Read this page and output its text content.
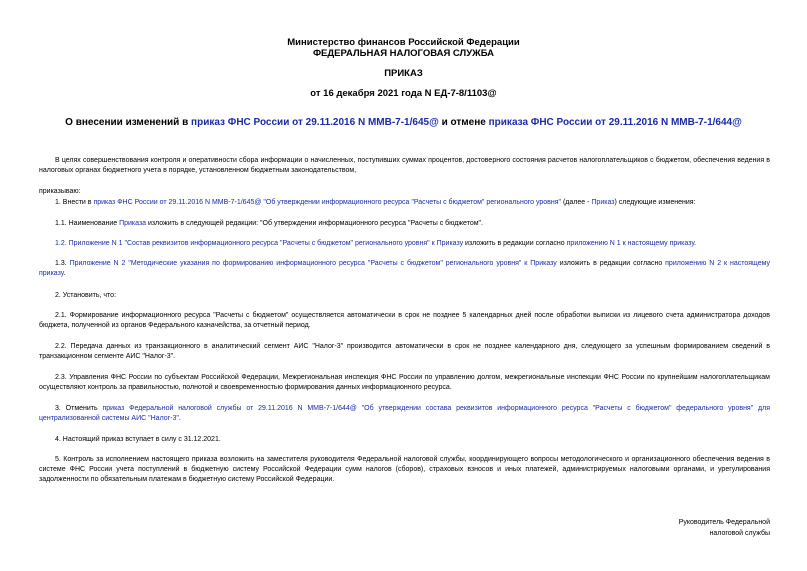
Министерство финансов Российской Федерации
ФЕДЕРАЛЬНАЯ НАЛОГОВАЯ СЛУЖБА
ПРИКАЗ
от 16 декабря 2021 года N ЕД-7-8/1103@
О внесении изменений в приказ ФНС России от 29.11.2016 N ММВ-7-1/645@ и отмене приказа ФНС России от 29.11.2016 N ММВ-7-1/644@

В целях совершенствования контроля и оперативности сбора информации о начисленных, поступивших суммах процентов, достоверного состояния расчетов налогоплательщиков с бюджетом, обеспечения ведения в налоговых органах бюджетного учета в порядке, установленном бюджетным законодательством,

приказываю:

1. Внести в приказ ФНС России от 29.11.2016 N ММВ-7-1/645@ "Об утверждении информационного ресурса "Расчеты с бюджетом" регионального уровня" (далее - Приказ) следующие изменения:

1.1. Наименование Приказа изложить в следующей редакции: "Об утверждении информационного ресурса "Расчеты с бюджетом".

1.2. Приложение N 1 "Состав реквизитов информационного ресурса "Расчеты с бюджетом" регионального уровня" к Приказу изложить в редакции согласно приложению N 1 к настоящему приказу.

1.3. Приложение N 2 "Методические указания по формированию информационного ресурса "Расчеты с бюджетом" регионального уровня" к Приказу изложить в редакции согласно приложению N 2 к настоящему приказу.

2. Установить, что:

2.1. Формирование информационного ресурса "Расчеты с бюджетом" осуществляется автоматически в срок не позднее 5 календарных дней после обработки выписки из лицевого счета администратора доходов бюджета, полученной из органов Федерального казначейства, за отчетный период.

2.2. Передача данных из транзакционного в аналитический сегмент АИС "Налог-3" производится автоматически в срок не позднее календарного дня, следующего за успешным формированием сведений в транзакционном сегменте АИС "Налог-3".

2.3. Управления ФНС России по субъектам Российской Федерации, Межрегиональная инспекция ФНС России по управлению долгом, межрегиональные инспекции ФНС России по крупнейшим налогоплательщикам осуществляют контроль за правильностью, полнотой и своевременностью формирования данных информационного ресурса.

3. Отменить приказ Федеральной налоговой службы от 29.11.2016 N ММВ-7-1/644@ "Об утверждении состава реквизитов информационного ресурса "Расчеты с бюджетом" федерального уровня" для централизованной системы АИС "Налог-3".

4. Настоящий приказ вступает в силу с 31.12.2021.

5. Контроль за исполнением настоящего приказа возложить на заместителя руководителя Федеральной налоговой службы, координирующего вопросы методологического и организационного обеспечения ведения в системе ФНС России учета поступлений в бюджетную систему Российской Федерации сумм налогов (сборов), страховых взносов и иных платежей, администрируемых налоговыми органами, и урегулирования задолженности по обязательным платежам в бюджетную систему Российской Федерации.

Руководитель Федеральной
налоговой службы
